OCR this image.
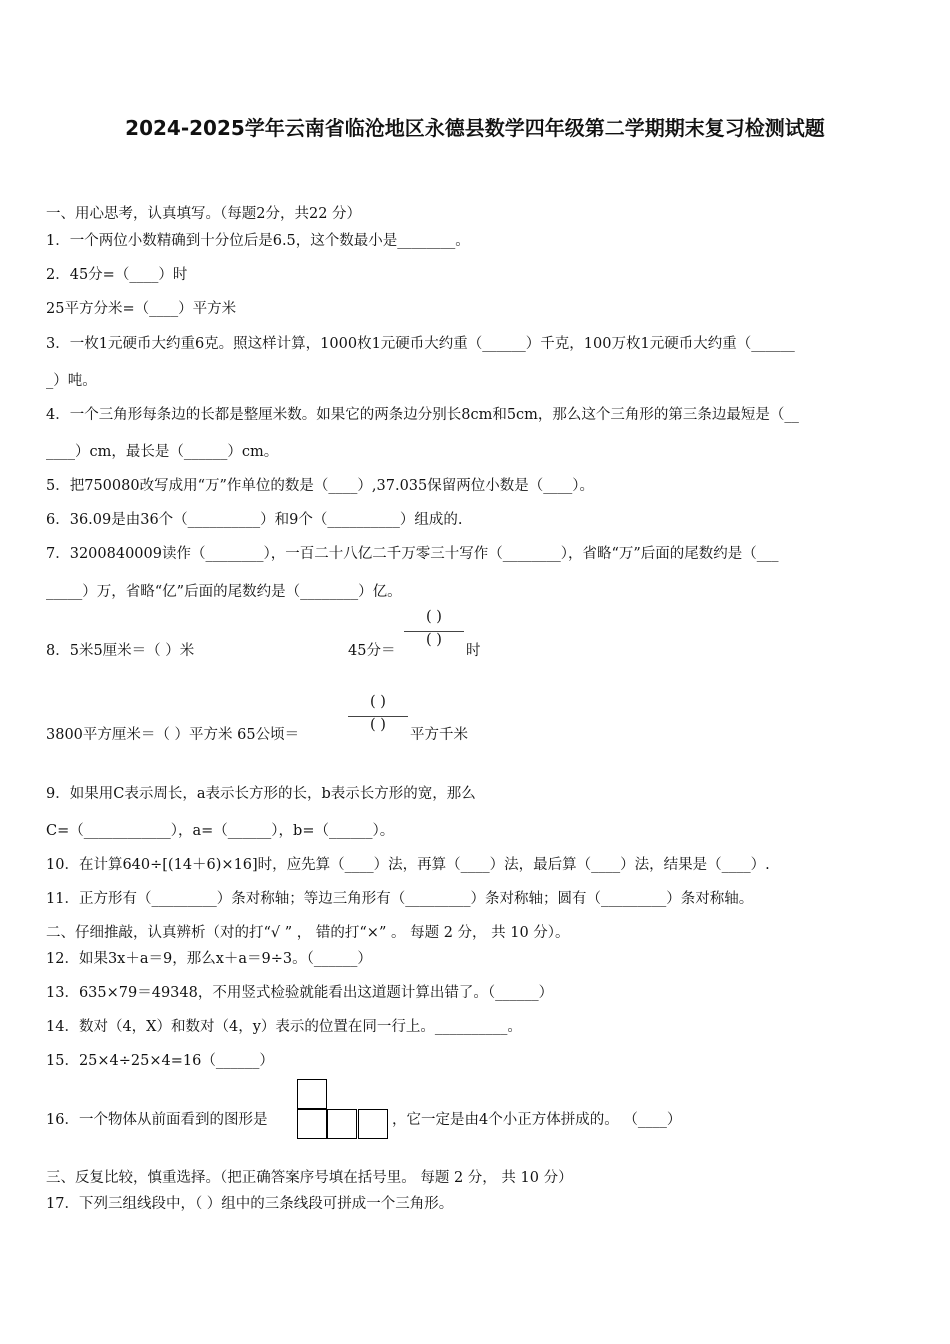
2024-2025学年云南省临沧地区永德县数学四年级第二学期期末复习检测试题
一、用心思考，认真填写。（每题2分，共22 分）
1．一个两位小数精确到十分位后是6.5，这个数最小是________。
2．45分=（____）时
25平方分米=（____）平方米
3．一枚1元硬币大约重6克。照这样计算，1000枚1元硬币大约重（______）千克，100万枚1元硬币大约重（______
_）吨。
4．一个三角形每条边的长都是整厘米数。如果它的两条边分别长8cm和5cm，那么这个三角形的第三条边最短是（__
____）cm，最长是（______）cm。
5．把750080改写成用“万”作单位的数是（____）,37.035保留两位小数是（____）。
6．36.09是由36个（__________）和9个（__________）组成的.
7．3200840009读作（________），一百二十八亿二千万零三十写作（________），省略“万”后面的尾数约是（___
_____）万，省略“亿”后面的尾数约是（________）亿。
8．5米5厘米＝（ ）米	45分＝
( )
( )
时
3800平方厘米＝（ ）平方米 65公顷＝
( )
( )
平方千米
9．如果用C表示周长，a表示长方形的长，b表示长方形的宽，那么
C=（____________），a=（______），b=（______）。
10．在计算640÷[(14＋6)×16]时，应先算（____）法，再算（____）法，最后算（____）法，结果是（____）.
11．正方形有（_________）条对称轴；等边三角形有（_________）条对称轴；圆有（_________）条对称轴。
二、仔细推敲，认真辨析（对的打“√ ” ， 错的打“×” 。 每题 2 分， 共 10 分）。
12．如果3x＋a＝9，那么x＋a＝9÷3。（______）
13．635×79＝49348，不用竖式检验就能看出这道题计算出错了。（______）
14．数对（4，X）和数对（4，y）表示的位置在同一行上。__________。
15．25×4÷25×4=16（______）
16．一个物体从前面看到的图形是	，它一定是由4个小正方体拼成的。 （____）
三、反复比较，慎重选择。（把正确答案序号填在括号里。 每题 2 分， 共 10 分）
17．下列三组线段中，（ ）组中的三条线段可拼成一个三角形。
